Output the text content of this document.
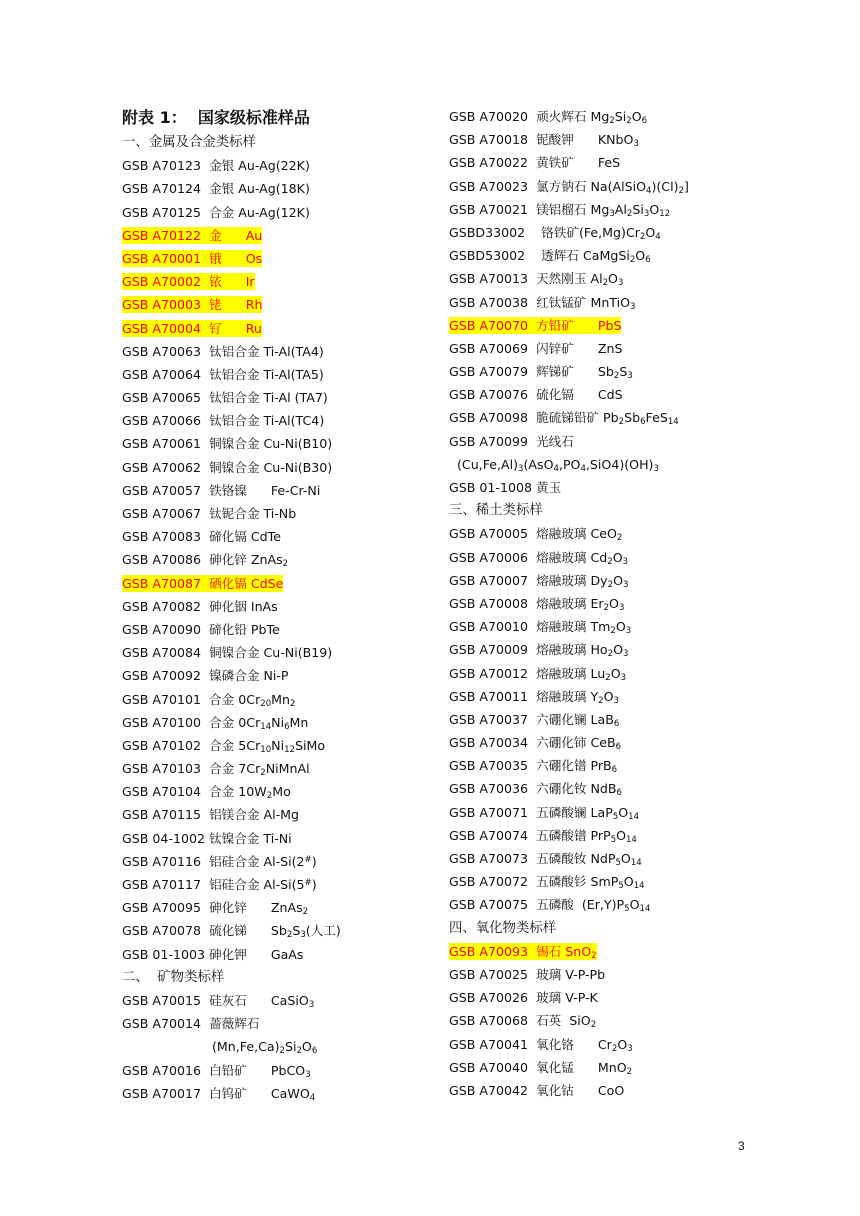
附表 1：  国家级标准样品
一、金属及合金类标样
GSB A70123  金银 Au-Ag(22K)
GSB A70124  金银 Au-Ag(18K)
GSB A70125  合金 Au-Ag(12K)
GSB A70122  金      Au
GSB A70001  锇      Os
GSB A70002  铱      Ir
GSB A70003  铑      Rh
GSB A70004  钌      Ru
GSB A70063  钛铝合金 Ti-Al(TA4)
GSB A70064  钛铝合金 Ti-Al(TA5)
GSB A70065  钛铝合金 Ti-Al (TA7)
GSB A70066  钛铝合金 Ti-Al(TC4)
GSB A70061  铜镍合金 Cu-Ni(B10)
GSB A70062  铜镍合金 Cu-Ni(B30)
GSB A70057  铁铬镍      Fe-Cr-Ni
GSB A70067  钛铌合金 Ti-Nb
GSB A70083  碲化镉 CdTe
GSB A70086  砷化锌 ZnAs$_2$
GSB A70087  硒化镉 CdSe
GSB A70082  砷化铟 InAs
GSB A70090  碲化铅 PbTe
GSB A70084  铜镍合金 Cu-Ni(B19)
GSB A70092  镍磷合金 Ni-P
GSB A70101  合金 $0Cr_{20}Mn_2$
GSB A70100  合金 $0Cr_{14}Ni_6Mn$
GSB A70102  合金 $5Cr_{10}Ni_{12}SiMo$
GSB A70103  合金 $7Cr_2NiMnAl$
GSB A70104  合金 $10W_2Mo$
GSB A70115  铝镁合金 Al-Mg
GSB 04-1002 钛镍合金 Ti-Ni
GSB A70116  铝硅合金 Al-Si(2#)
GSB A70117  铝硅合金 Al-Si(5#)
GSB A70095  砷化锌      ZnAs$_2$
GSB A70078  硫化锑      $Sb_2S_3$(人工)
GSB 01-1003 砷化钾      GaAs
二、  矿物类标样
GSB A70015  硅灰石      CaSiO$_3$
GSB A70014  蔷薇辉石
$(Mn,Fe,Ca)_2Si_2O_6$
GSB A70016  白铅矿      PbCO$_3$
GSB A70017  白钨矿      CaWO$_4$
GSB A70020  顽火辉石 $Mg_2Si_2O_6$
GSB A70018  铌酸钾      KNbO$_3$
GSB A70022  黄铁矿      FeS
GSB A70023  氯方钠石 $Na(AlSiO_4)(Cl)_2$]
GSB A70021  镁铝榴石 $Mg_3Al_2Si_3O_{12}$
GSBD33002    铬铁矿$(Fe,Mg)Cr_2O_4$
GSBD53002    透辉石 $CaMgSi_2O_6$
GSB A70013  天然刚玉 $Al_2O_3$
GSB A70038  红钛锰矿 MnTiO$_3$
GSB A70070  方铅矿      PbS
GSB A70069  闪锌矿      ZnS
GSB A70079  辉锑矿      $Sb_2S_3$
GSB A70076  硫化镉      CdS
GSB A70098  脆硫锑铅矿 $Pb_2Sb_6FeS_{14}$
GSB A70099  光线石
$(Cu,Fe,Al)_3(AsO_4,PO_4,SiO4)(OH)_3$
GSB 01-1008 黄玉
三、稀土类标样
GSB A70005  熔融玻璃 CeO$_2$
GSB A70006  熔融玻璃 $Cd_2O_3$
GSB A70007  熔融玻璃 $Dy_2O_3$
GSB A70008  熔融玻璃 $Er_2O_3$
GSB A70010  熔融玻璃 $Tm_2O_3$
GSB A70009  熔融玻璃 $Ho_2O_3$
GSB A70012  熔融玻璃 $Lu_2O_3$
GSB A70011  熔融玻璃 $Y_2O_3$
GSB A70037  六硼化镧 LaB$_6$
GSB A70034  六硼化铈 CeB$_6$
GSB A70035  六硼化镨 PrB$_6$
GSB A70036  六硼化钕 NdB$_6$
GSB A70071  五磷酸镧 $LaP_5O_{14}$
GSB A70074  五磷酸镨 $PrP_5O_{14}$
GSB A70073  五磷酸钕 $NdP_5O_{14}$
GSB A70072  五磷酸钐 $SmP_5O_{14}$
GSB A70075  五磷酸  $(Er,Y)P_5O_{14}$
四、氧化物类标样
GSB A70093  锡石 SnO$_2$
GSB A70025  玻璃 V-P-Pb
GSB A70026  玻璃 V-P-K
GSB A70068  石英  SiO$_2$
GSB A70041  氧化铬      $Cr_2O_3$
GSB A70040  氧化锰      MnO$_2$
GSB A70042  氧化钴      CoO
3
